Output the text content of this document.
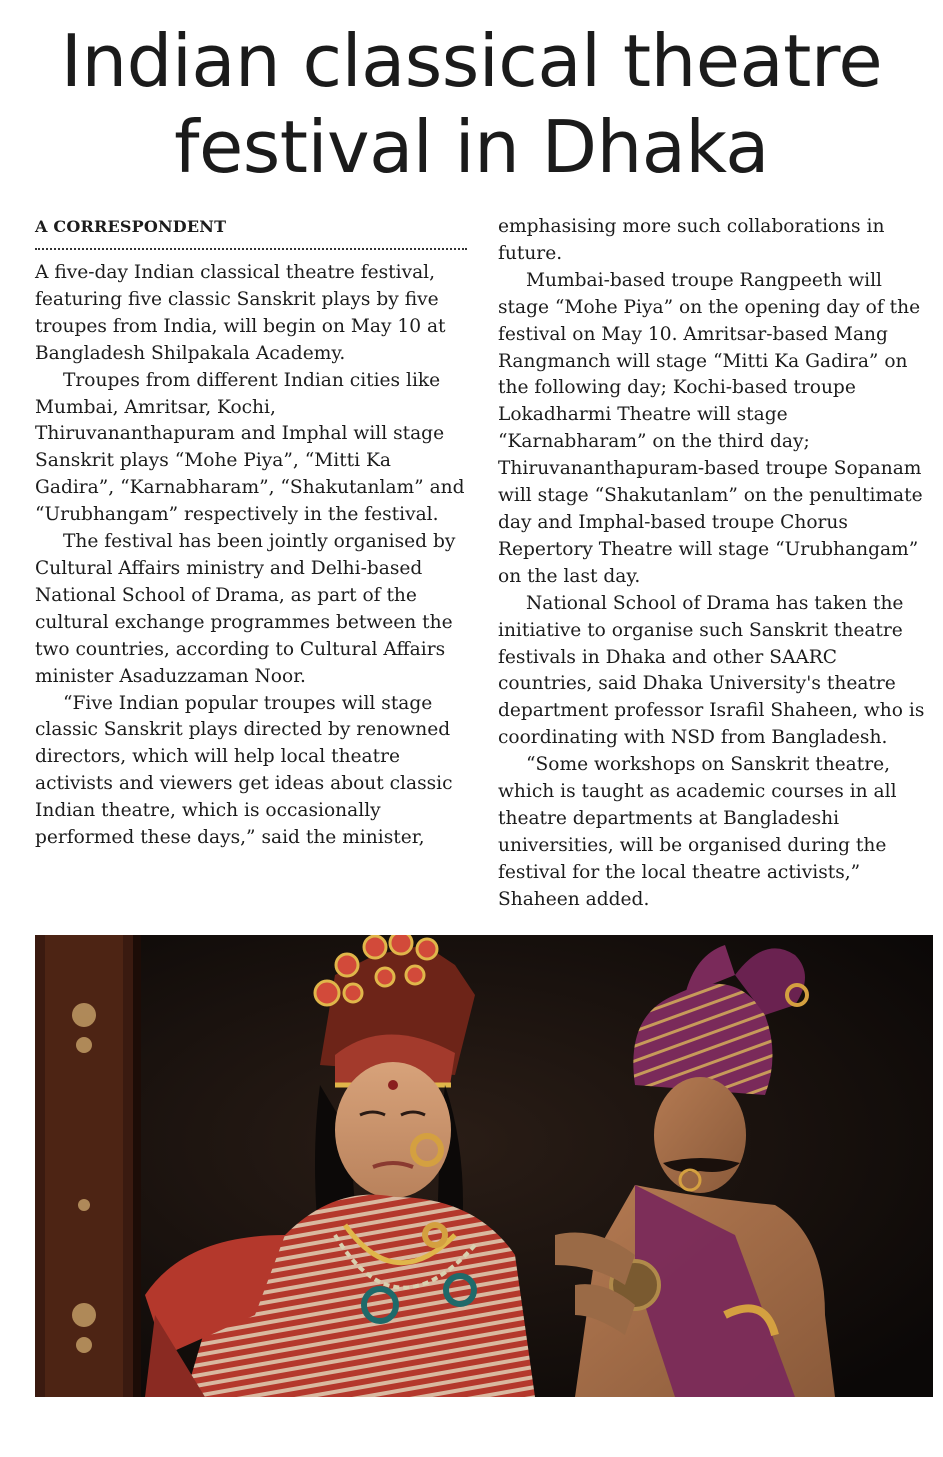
Indian classical theatre
festival in Dhaka
A CORRESPONDENT

A five-day Indian classical theatre festival, featuring five classic Sanskrit plays by five troupes from India, will begin on May 10 at Bangladesh Shilpakala Academy.

Troupes from different Indian cities like Mumbai, Amritsar, Kochi, Thiruvananthapuram and Imphal will stage Sanskrit plays “Mohe Piya”, “Mitti Ka Gadira”, “Karnabharam”, “Shakutanlam” and “Urubhangam” respectively in the festival.

The festival has been jointly organised by Cultural Affairs ministry and Delhi-based National School of Drama, as part of the cultural exchange programmes between the two countries, according to Cultural Affairs minister Asaduzzaman Noor.

“Five Indian popular troupes will stage classic Sanskrit plays directed by renowned directors, which will help local theatre activists and viewers get ideas about classic Indian theatre, which is occasionally performed these days,” said the minister,

emphasising more such collaborations in future.

Mumbai-based troupe Rangpeeth will stage “Mohe Piya” on the opening day of the festival on May 10. Amritsar-based Mang Rangmanch will stage “Mitti Ka Gadira” on the following day; Kochi-based troupe Lokadharmi Theatre will stage “Karnabharam” on the third day; Thiruvananthapuram-based troupe Sopanam will stage “Shakutanlam” on the penultimate day and Imphal-based troupe Chorus Repertory Theatre will stage “Urubhangam” on the last day.

National School of Drama has taken the initiative to organise such Sanskrit theatre festivals in Dhaka and other SAARC countries, said Dhaka University's theatre department professor Israfil Shaheen, who is coordinating with NSD from Bangladesh.

“Some workshops on Sanskrit theatre, which is taught as academic courses in all theatre departments at Bangladeshi universities, will be organised during the festival for the local theatre activists,” Shaheen added.
